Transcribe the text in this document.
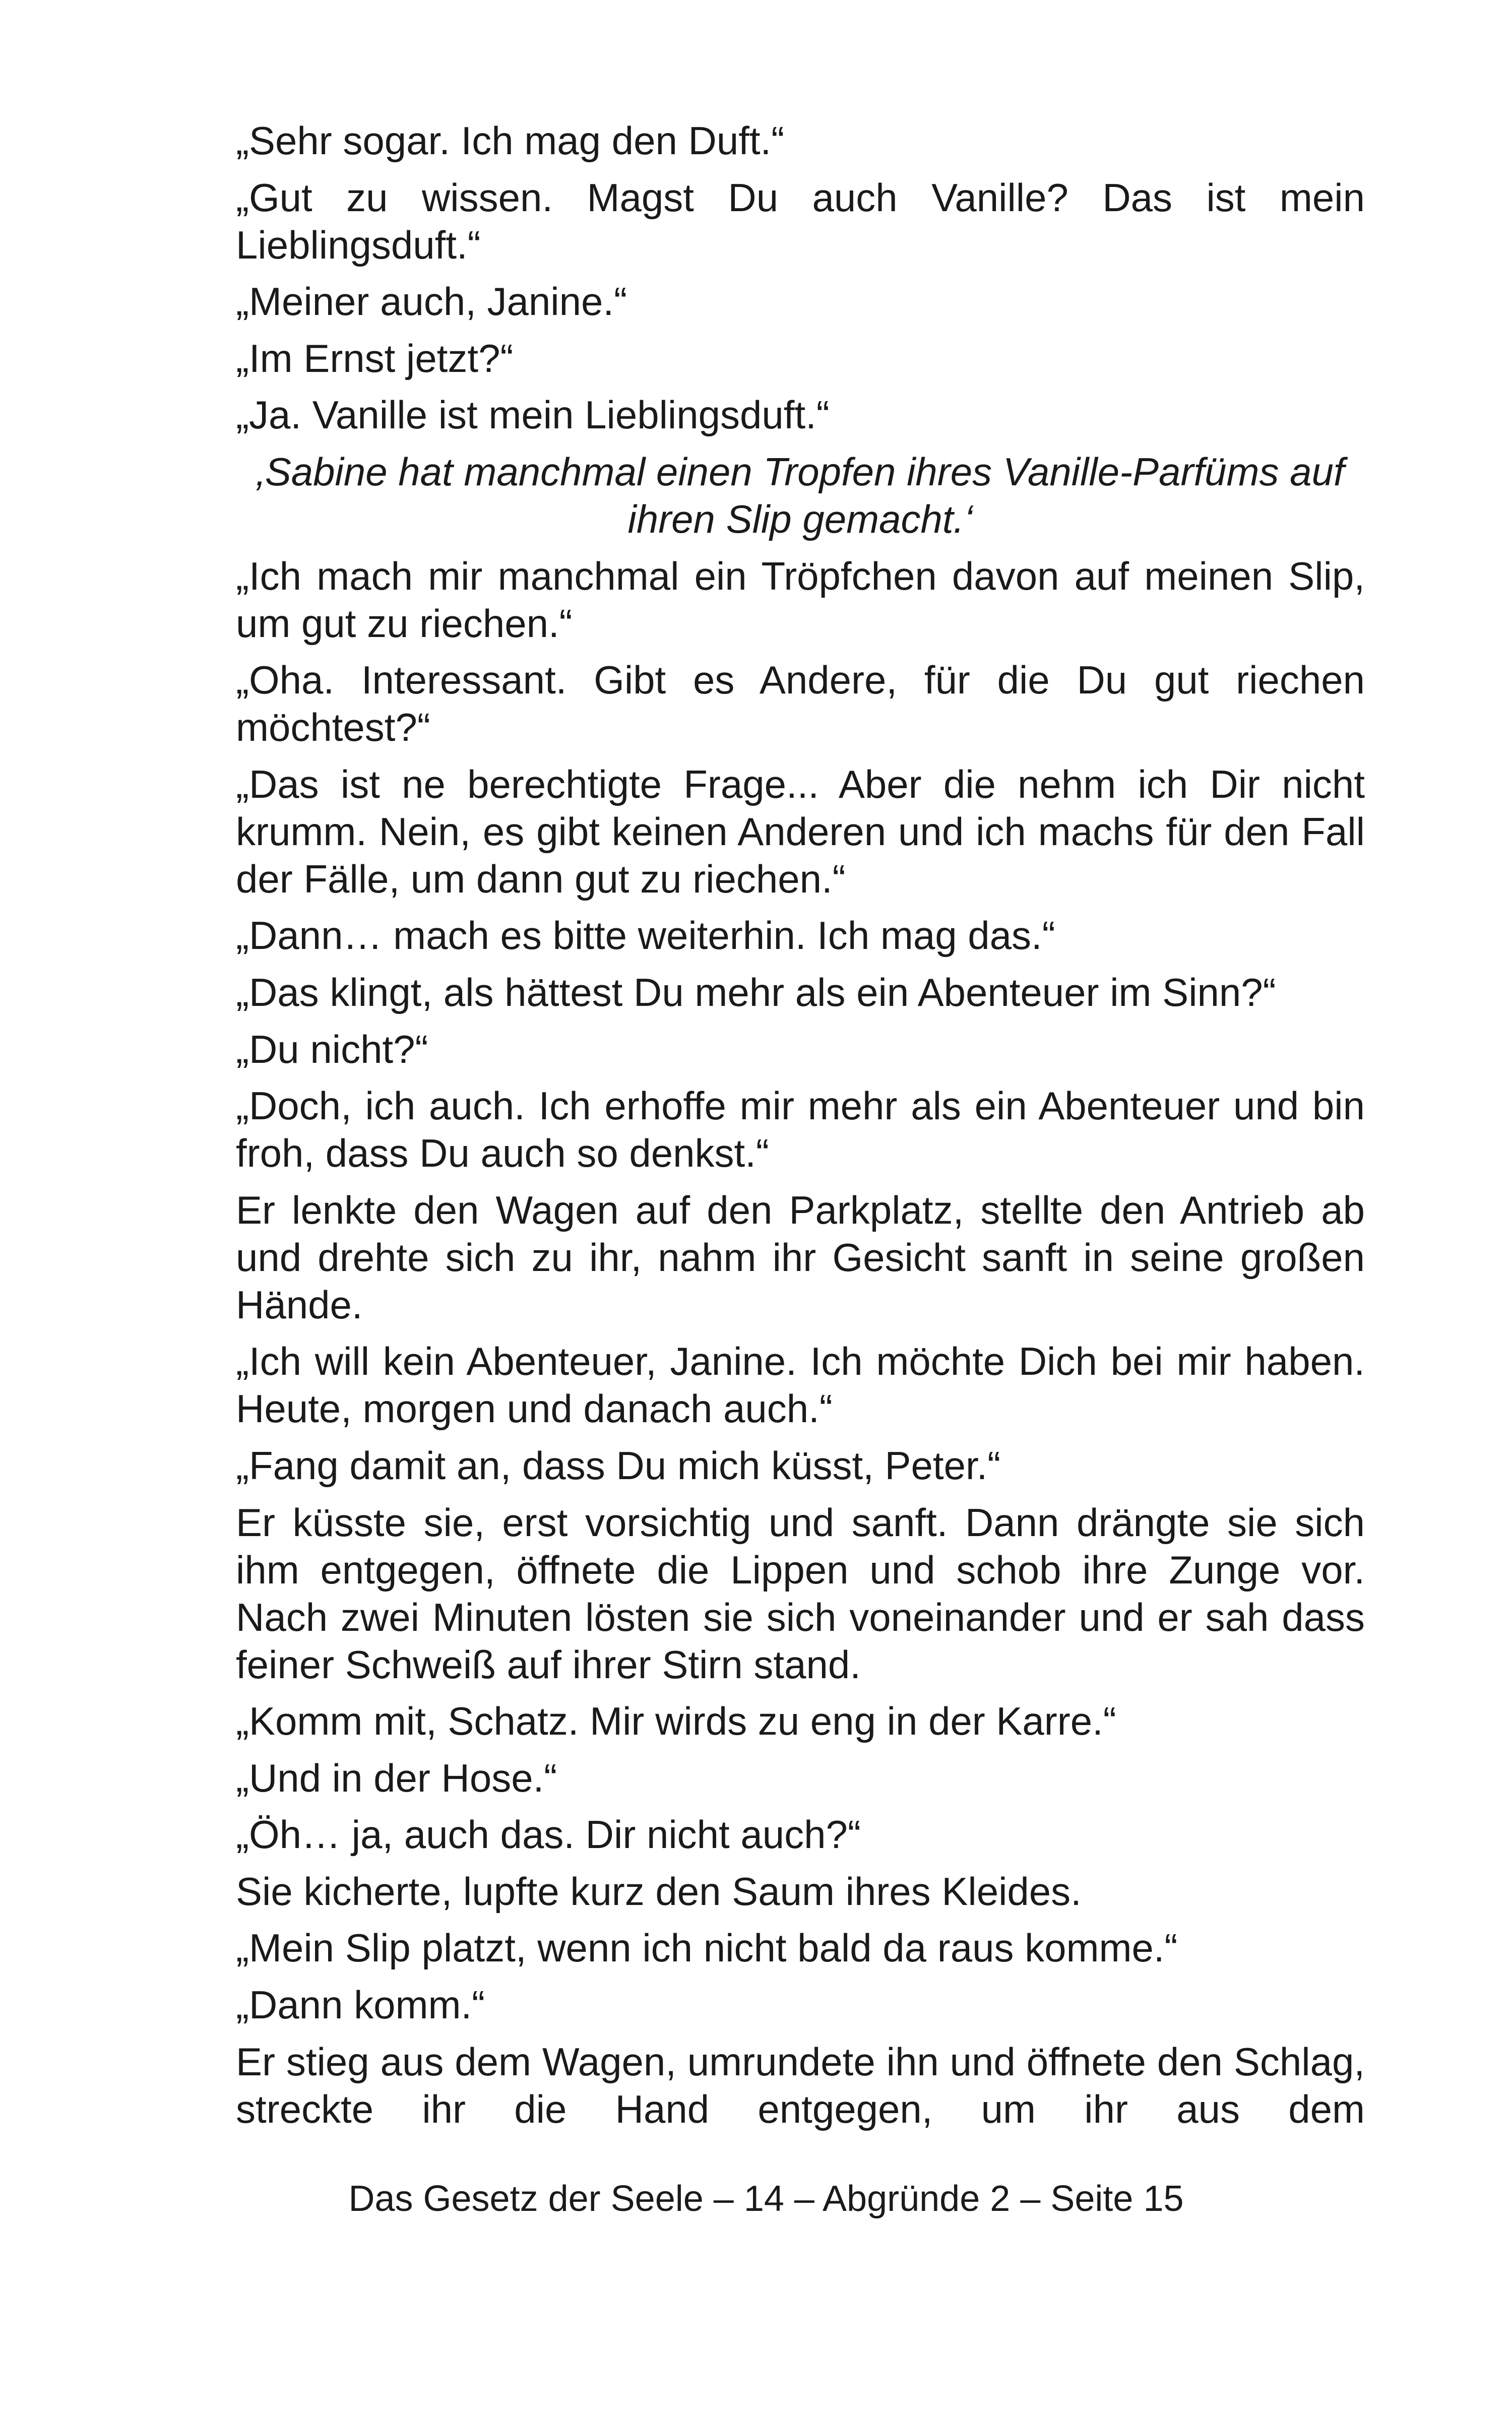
„Sehr sogar. Ich mag den Duft.“

„Gut zu wissen. Magst Du auch Vanille? Das ist mein Lieblingsduft.“

„Meiner auch, Janine.“

„Im Ernst jetzt?“

„Ja. Vanille ist mein Lieblingsduft.“

‚Sabine hat manchmal einen Tropfen ihres Vanille-Parfüms auf ihren Slip gemacht.‘

„Ich mach mir manchmal ein Tröpfchen davon auf meinen Slip, um gut zu riechen.“

„Oha. Interessant. Gibt es Andere, für die Du gut riechen möchtest?“

„Das ist ne berechtigte Frage... Aber die nehm ich Dir nicht krumm. Nein, es gibt keinen Anderen und ich machs für den Fall der Fälle, um dann gut zu riechen.“

„Dann… mach es bitte weiterhin. Ich mag das.“

„Das klingt, als hättest Du mehr als ein Abenteuer im Sinn?“

„Du nicht?“

„Doch, ich auch. Ich erhoffe mir mehr als ein Abenteuer und bin froh, dass Du auch so denkst.“

Er lenkte den Wagen auf den Parkplatz, stellte den Antrieb ab und drehte sich zu ihr, nahm ihr Gesicht sanft in seine großen Hände.

„Ich will kein Abenteuer, Janine. Ich möchte Dich bei mir haben. Heute, morgen und danach auch.“

„Fang damit an, dass Du mich küsst, Peter.“

Er küsste sie, erst vorsichtig und sanft. Dann drängte sie sich ihm entgegen, öffnete die Lippen und schob ihre Zunge vor. Nach zwei Minuten lösten sie sich voneinander und er sah dass feiner Schweiß auf ihrer Stirn stand.

„Komm mit, Schatz. Mir wirds zu eng in der Karre.“

„Und in der Hose.“

„Öh… ja, auch das. Dir nicht auch?“

Sie kicherte, lupfte kurz den Saum ihres Kleides.

„Mein Slip platzt, wenn ich nicht bald da raus komme.“

„Dann komm.“

Er stieg aus dem Wagen, umrundete ihn und öffnete den Schlag, streckte ihr die Hand entgegen, um ihr aus dem

Das Gesetz der Seele – 14 – Abgründe 2 – Seite 15
